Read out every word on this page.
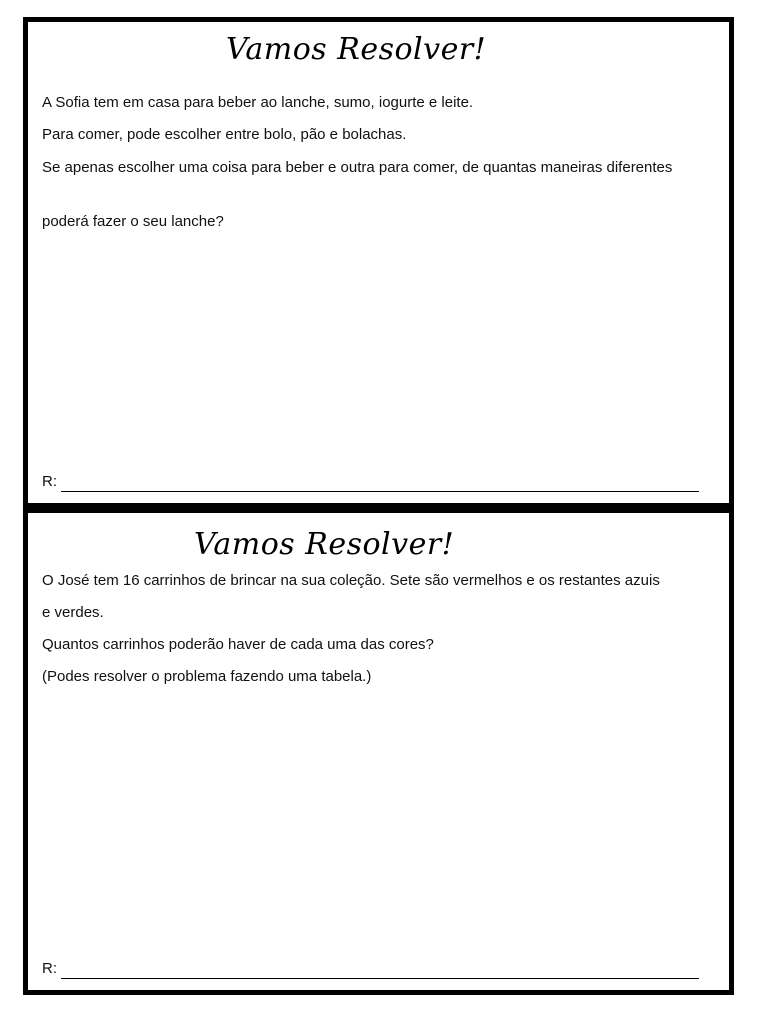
Vamos Resolver!

A Sofia tem em casa para beber ao lanche, sumo, iogurte e leite.

Para comer, pode escolher entre bolo, pão e bolachas.

Se apenas escolher uma coisa para beber e outra para comer, de quantas maneiras diferentes

poderá fazer o seu lanche?

R:
Vamos Resolver!

O José tem 16 carrinhos de brincar na sua coleção. Sete são vermelhos e os restantes azuis

e verdes.

Quantos carrinhos poderão haver de cada uma das cores?

(Podes resolver o problema fazendo uma tabela.)

R:
